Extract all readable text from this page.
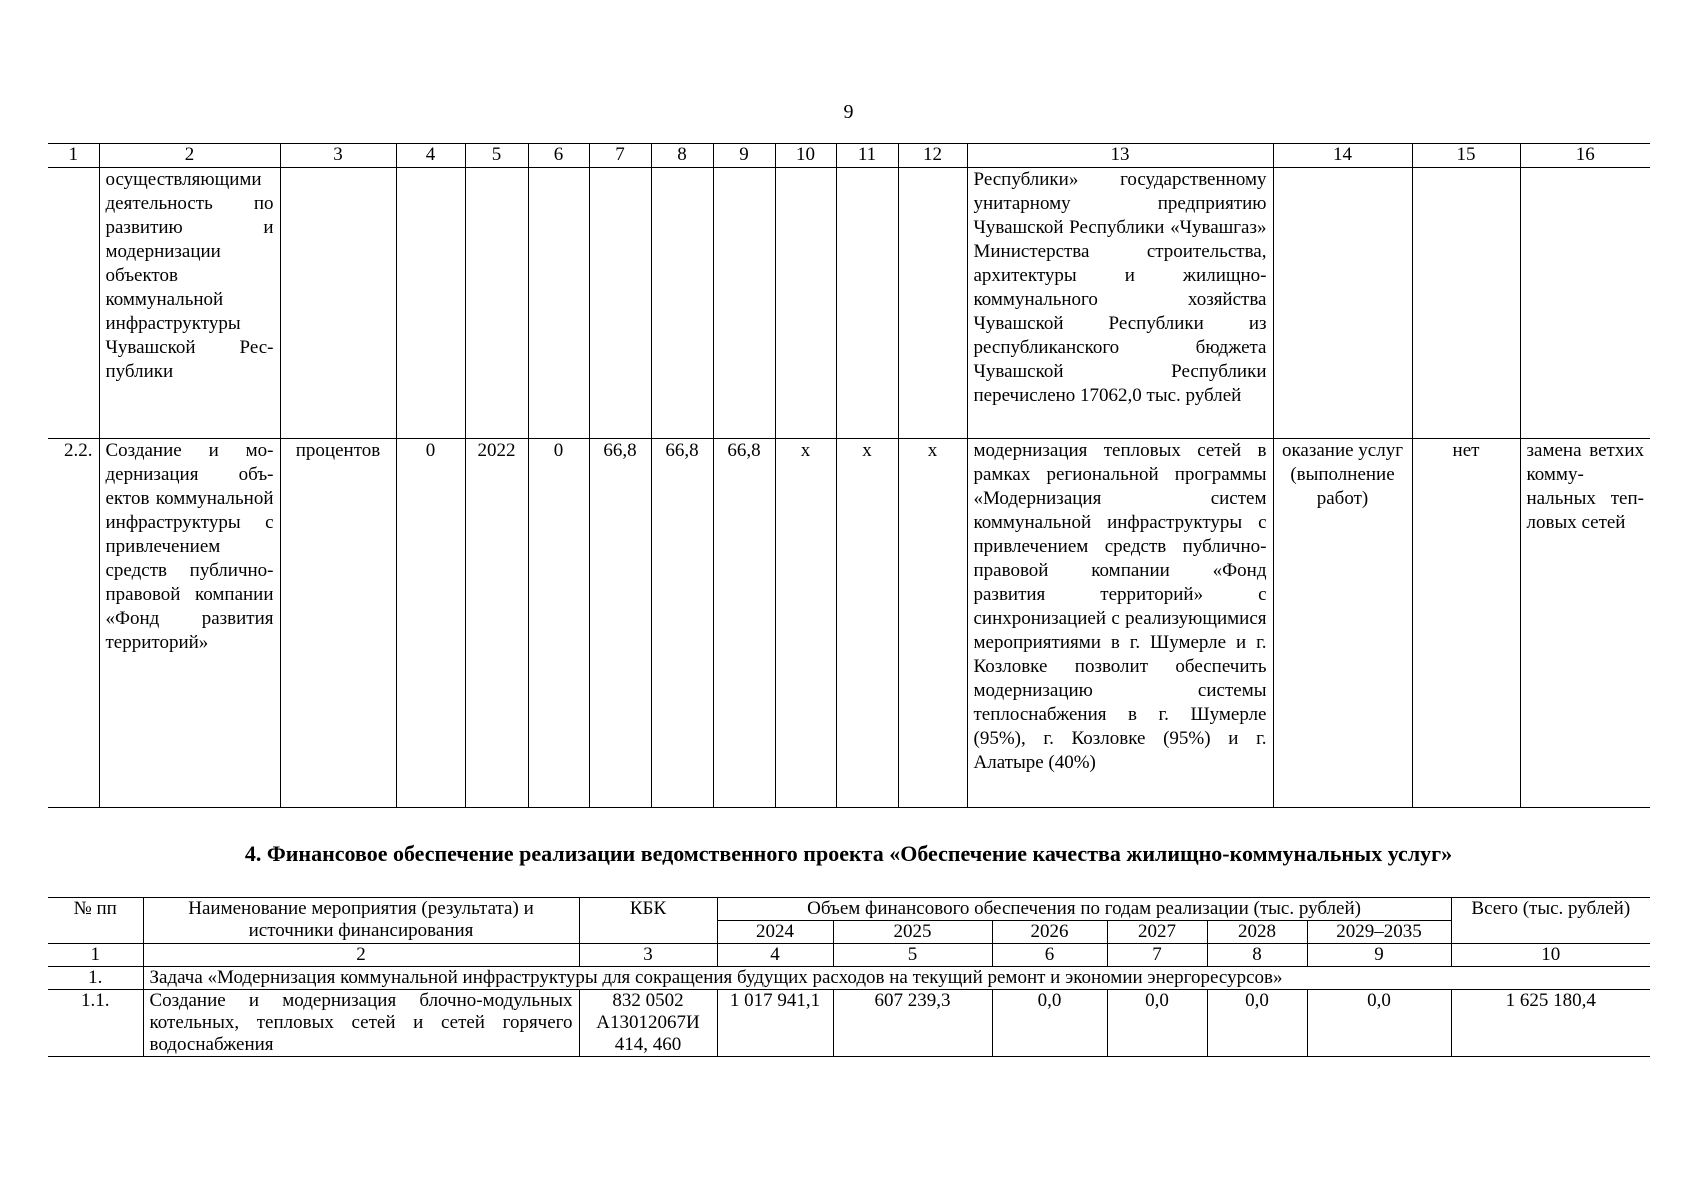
9
1	2	3	4	5	6	7	8	9	10	11	12	13	14	15	16
	осуществляющими деятельность по развитию и модернизации объектов коммунальной инфраструктуры Чувашской Республики											Республики» государственному унитарному предприятию Чувашской Республики «Чувашгаз» Министерства строительства, архитектуры и жилищно-коммунального хозяйства Чувашской Республики из республиканского бюджета Чувашской Республики перечислено 17062,0 тыс. рублей			
2.2.	Создание и модернизация объектов коммунальной инфраструктуры с привлечением средств публично-правовой компании «Фонд развития территорий»	процентов	0	2022	0	66,8	66,8	66,8	x	x	x	модернизация тепловых сетей в рамках региональной программы «Модернизация систем коммунальной инфраструктуры с привлечением средств публично-правовой компании «Фонд развития территорий» с синхронизацией с реализующимися мероприятиями в г. Шумерле и г. Козловке позволит обеспечить модернизацию системы теплоснабжения в г. Шумерле (95%), г. Козловке (95%) и г. Алатыре (40%)	оказание услуг (выполнение работ)	нет	замена ветхих коммунальных тепловых сетей
4. Финансовое обеспечение реализации ведомственного проекта «Обеспечение качества жилищно-коммунальных услуг»
№ пп	Наименование мероприятия (результата) и источники финансирования	КБК	Объем финансового обеспечения по годам реализации (тыс. рублей)						Всего (тыс. рублей)
			2024	2025	2026	2027	2028	2029–2035	
1	2	3	4	5	6	7	8	9	10
1.	Задача «Модернизация коммунальной инфраструктуры для сокращения будущих расходов на текущий ремонт и экономии энергоресурсов»								
1.1.	Создание и модернизация блочно-модульных котельных, тепловых сетей и сетей горячего водоснабжения	832 0502 А13012067И 414, 460	1 017 941,1	607 239,3	0,0	0,0	0,0	0,0	1 625 180,4
